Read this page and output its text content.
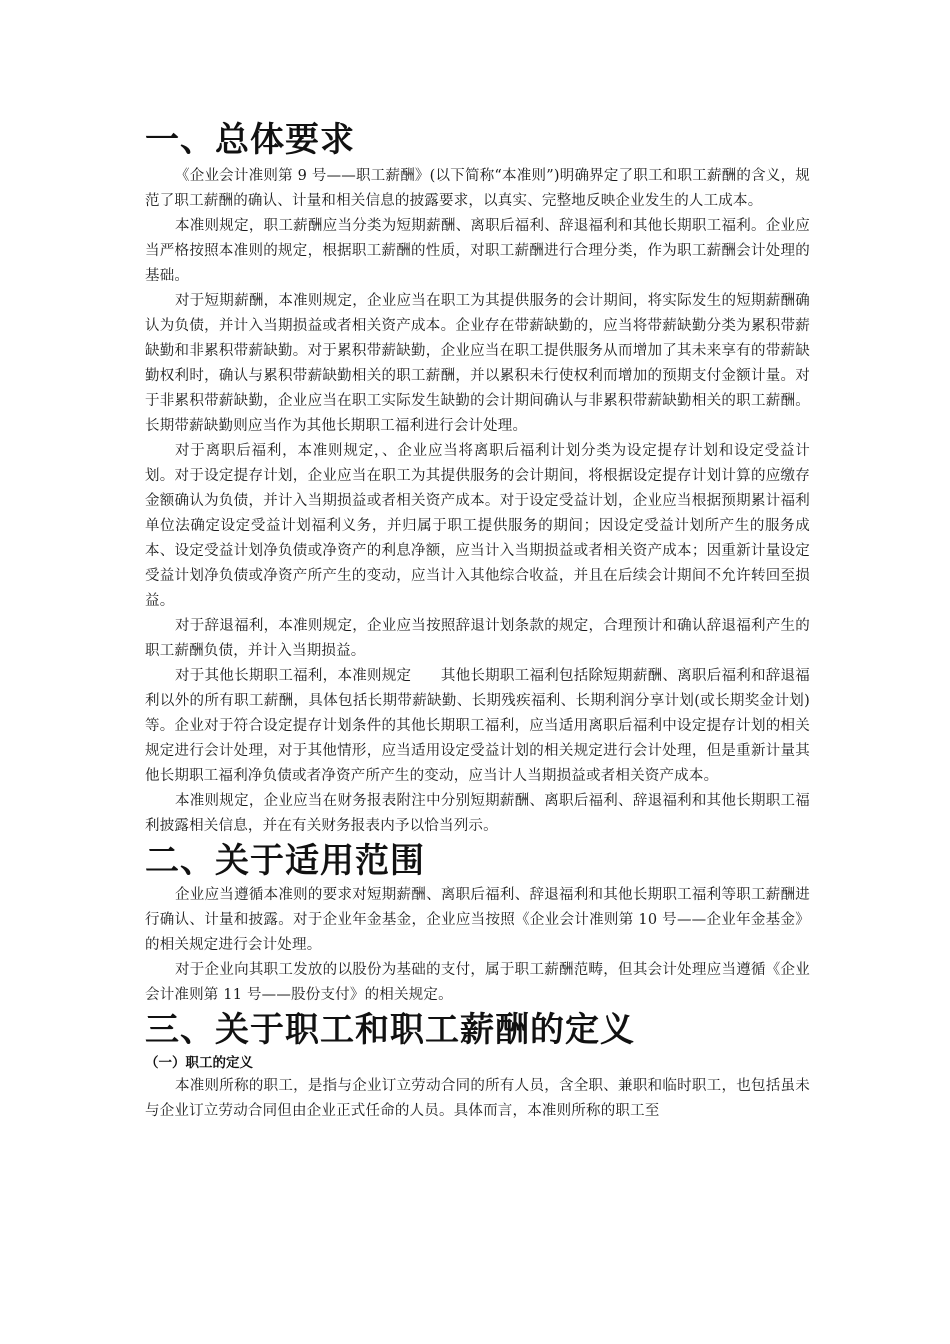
一、总体要求

《企业会计准则第 9 号——职工薪酬》(以下简称“本准则”)明确界定了职工和职工薪酬的含义，规范了职工薪酬的确认、计量和相关信息的披露要求，以真实、完整地反映企业发生的人工成本。

本准则规定，职工薪酬应当分类为短期薪酬、离职后福利、辞退福利和其他长期职工福利。企业应当严格按照本准则的规定，根据职工薪酬的性质，对职工薪酬进行合理分类，作为职工薪酬会计处理的基础。

对于短期薪酬，本准则规定，企业应当在职工为其提供服务的会计期间，将实际发生的短期薪酬确认为负债，并计入当期损益或者相关资产成本。企业存在带薪缺勤的，应当将带薪缺勤分类为累积带薪缺勤和非累积带薪缺勤。对于累积带薪缺勤，企业应当在职工提供服务从而增加了其未来享有的带薪缺勤权利时，确认与累积带薪缺勤相关的职工薪酬，并以累积未行使权利而增加的预期支付金额计量。对于非累积带薪缺勤，企业应当在职工实际发生缺勤的会计期间确认与非累积带薪缺勤相关的职工薪酬。长期带薪缺勤则应当作为其他长期职工福利进行会计处理。

对于离职后福利，本准则规定，、企业应当将离职后福利计划分类为设定提存计划和设定受益计划。对于设定提存计划，企业应当在职工为其提供服务的会计期间，将根据设定提存计划计算的应缴存金额确认为负债，并计入当期损益或者相关资产成本。对于设定受益计划，企业应当根据预期累计福利单位法确定设定受益计划福利义务，并归属于职工提供服务的期间；因设定受益计划所产生的服务成本、设定受益计划净负债或净资产的利息净额，应当计入当期损益或者相关资产成本；因重新计量设定受益计划净负债或净资产所产生的变动，应当计入其他综合收益，并且在后续会计期间不允许转回至损益。

对于辞退福利，本准则规定，企业应当按照辞退计划条款的规定，合理预计和确认辞退福利产生的职工薪酬负债，并计入当期损益。

对于其他长期职工福利，本准则规定　　其他长期职工福利包括除短期薪酬、离职后福利和辞退福利以外的所有职工薪酬，具体包括长期带薪缺勤、长期残疾福利、长期利润分享计划(或长期奖金计划)等。企业对于符合设定提存计划条件的其他长期职工福利，应当适用离职后福利中设定提存计划的相关规定进行会计处理，对于其他情形，应当适用设定受益计划的相关规定进行会计处理，但是重新计量其他长期职工福利净负债或者净资产所产生的变动，应当计人当期损益或者相关资产成本。

本准则规定，企业应当在财务报表附注中分别短期薪酬、离职后福利、辞退福利和其他长期职工福利披露相关信息，并在有关财务报表内予以恰当列示。

二、关于适用范围

企业应当遵循本准则的要求对短期薪酬、离职后福利、辞退福利和其他长期职工福利等职工薪酬进行确认、计量和披露。对于企业年金基金，企业应当按照《企业会计准则第 10 号——企业年金基金》的相关规定进行会计处理。

对于企业向其职工发放的以股份为基础的支付，属于职工薪酬范畴，但其会计处理应当遵循《企业会计准则第 11 号——股份支付》的相关规定。

三、关于职工和职工薪酬的定义
（一）职工的定义

本准则所称的职工，是指与企业订立劳动合同的所有人员，含全职、兼职和临时职工，也包括虽未与企业订立劳动合同但由企业正式任命的人员。具体而言，本准则所称的职工至
